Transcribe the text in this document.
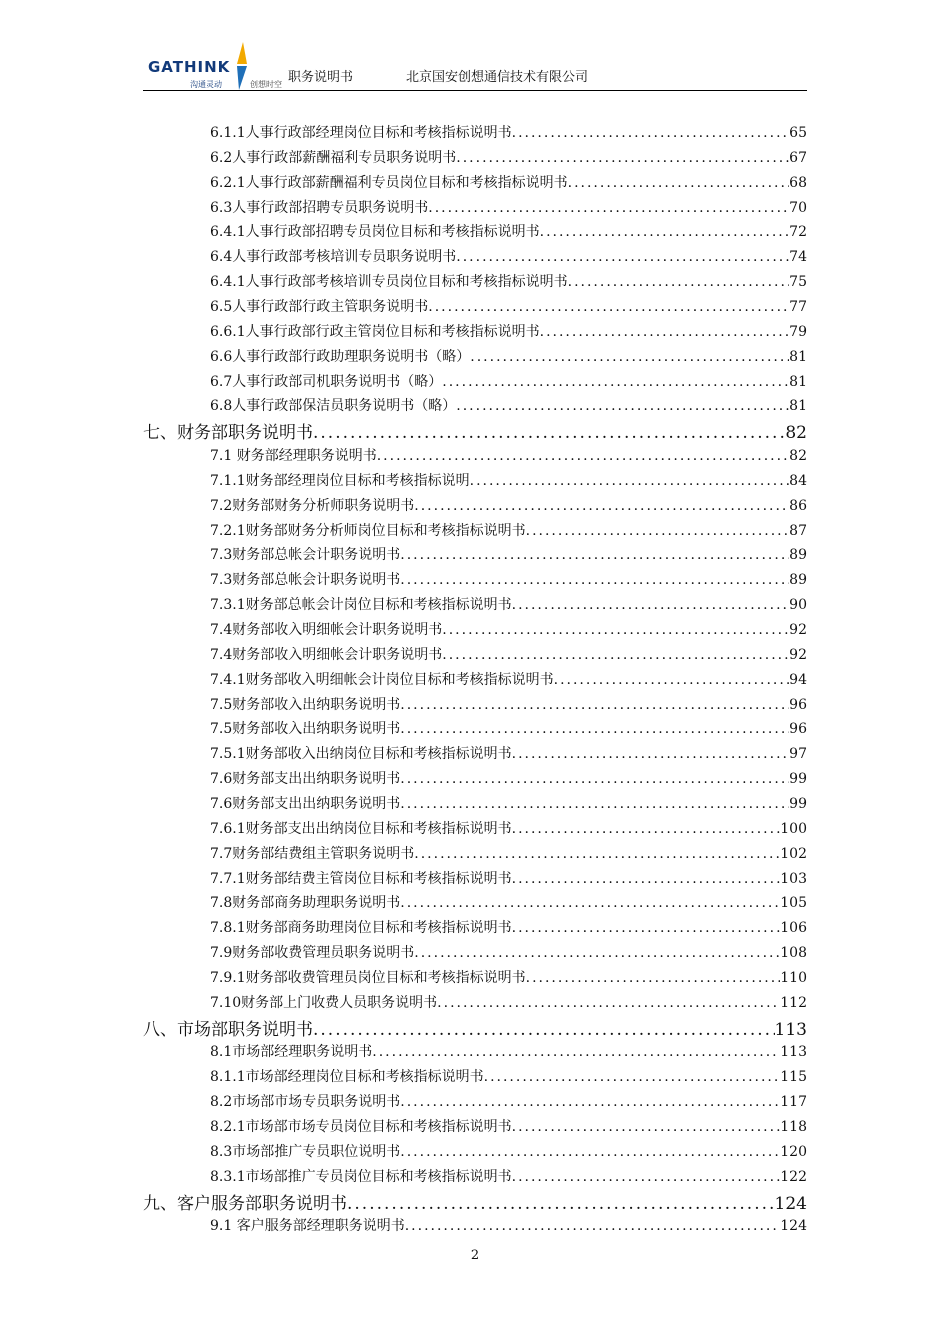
GATHINK
沟通灵动	创想时空 职务说明书	北京国安创想通信技术有限公司
6.1.1人事行政部经理岗位目标和考核指标说明书 .....	65
6.2人事行政部薪酬福利专员职务说明书 .....	67
6.2.1人事行政部薪酬福利专员岗位目标和考核指标说明书 .....	68
6.3人事行政部招聘专员职务说明书 .....	70
6.4.1人事行政部招聘专员岗位目标和考核指标说明书 .....	72
6.4人事行政部考核培训专员职务说明书 .....	74
6.4.1人事行政部考核培训专员岗位目标和考核指标说明书 .....	75
6.5人事行政部行政主管职务说明书 .....	77
6.6.1人事行政部行政主管岗位目标和考核指标说明书 .....	79
6.6人事行政部行政助理职务说明书（略） .....	81
6.7人事行政部司机职务说明书（略） .....	81
6.8人事行政部保洁员职务说明书（略） .....	81
七、财务部职务说明书 .....	82
7.1 财务部经理职务说明书 .....	82
7.1.1财务部经理岗位目标和考核指标说明 .....	84
7.2财务部财务分析师职务说明书 .....	86
7.2.1财务部财务分析师岗位目标和考核指标说明书 .....	87
7.3财务部总帐会计职务说明书 .....	89
7.3财务部总帐会计职务说明书 .....	89
7.3.1财务部总帐会计岗位目标和考核指标说明书 .....	90
7.4财务部收入明细帐会计职务说明书 .....	92
7.4财务部收入明细帐会计职务说明书 .....	92
7.4.1财务部收入明细帐会计岗位目标和考核指标说明书 .....	94
7.5财务部收入出纳职务说明书 .....	96
7.5财务部收入出纳职务说明书 .....	96
7.5.1财务部收入出纳岗位目标和考核指标说明书 .....	97
7.6财务部支出出纳职务说明书 .....	99
7.6财务部支出出纳职务说明书 .....	99
7.6.1财务部支出出纳岗位目标和考核指标说明书 .....	100
7.7财务部结费组主管职务说明书 .....	102
7.7.1财务部结费主管岗位目标和考核指标说明书 .....	103
7.8财务部商务助理职务说明书 .....	105
7.8.1财务部商务助理岗位目标和考核指标说明书 .....	106
7.9财务部收费管理员职务说明书 .....	108
7.9.1财务部收费管理员岗位目标和考核指标说明书 .....	110
7.10财务部上门收费人员职务说明书 .....	112
八、市场部职务说明书 .....	113
8.1市场部经理职务说明书 .....	113
8.1.1市场部经理岗位目标和考核指标说明书 .....	115
8.2市场部市场专员职务说明书 .....	117
8.2.1市场部市场专员岗位目标和考核指标说明书 .....	118
8.3市场部推广专员职位说明书 .....	120
8.3.1市场部推广专员岗位目标和考核指标说明书 .....	122
九、客户服务部职务说明书 .....	124
9.1 客户服务部经理职务说明书 .....	124
2
